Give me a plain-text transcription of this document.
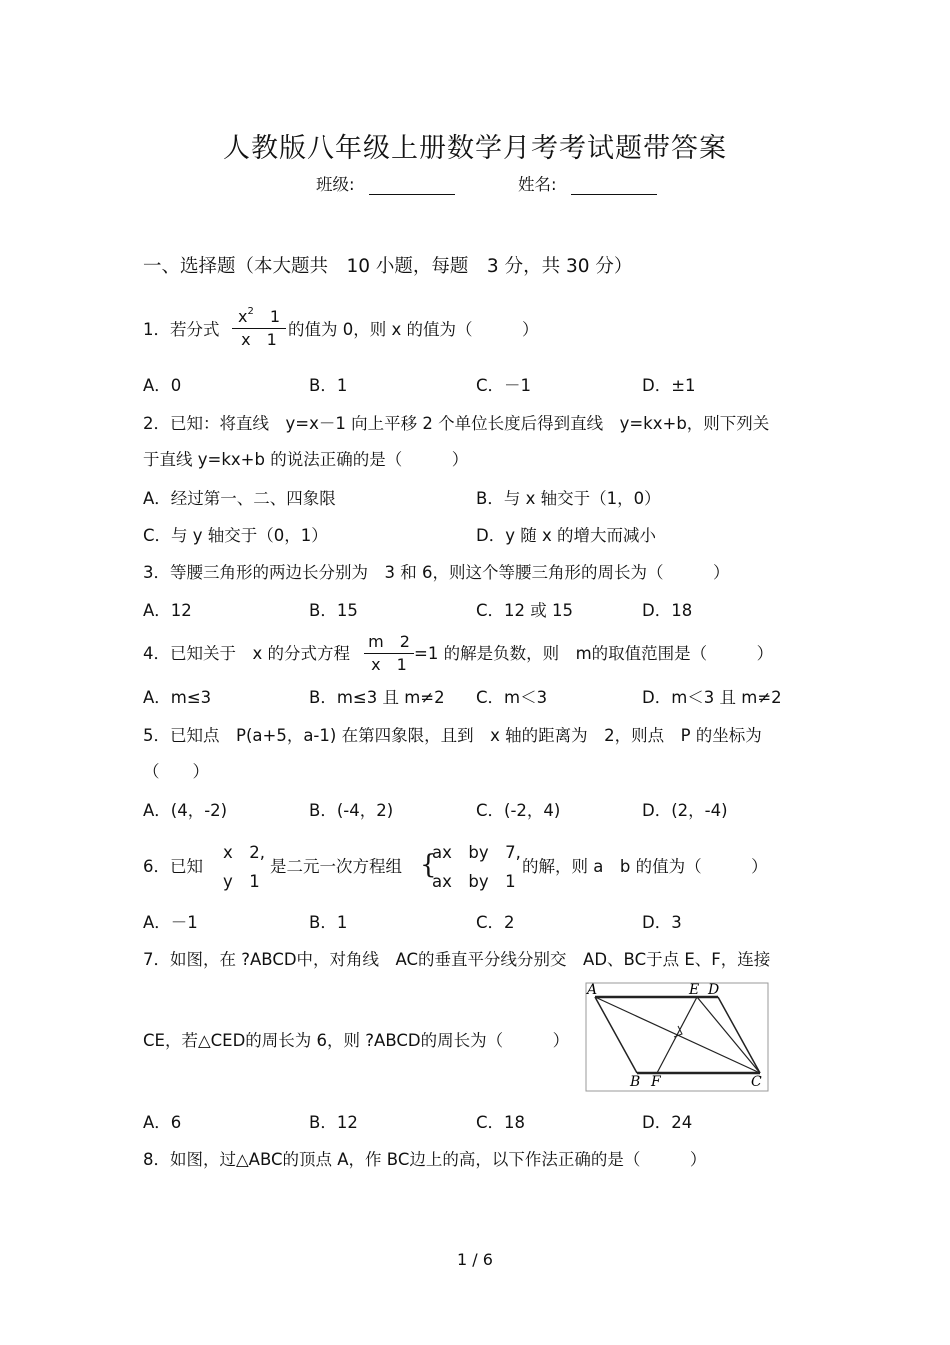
人教版八年级上册数学月考考试题带答案
班级:	姓名:
一、选择题（本大题共　10 小题，每题　3 分，共 30 分）
1．若分式
$x^2$　 1
x　 1
的值为 0，则 x 的值为（　　　）
A．0	B．1	C．－1	D．±1
2．已知：将直线　y=x－1 向上平移 2 个单位长度后得到直线　y=kx+b，则下列关
于直线 y=kx+b 的说法正确的是（　　　）
A．经过第一、二、四象限	B．与 x 轴交于（1，0）
C．与 y 轴交于（0，1）	D．y 随 x 的增大而减小
3．等腰三角形的两边长分别为　3 和 6，则这个等腰三角形的周长为（　　　）
A．12	B．15	C．12 或 15	D．18
4．已知关于　x 的分式方程
m　2
x　1
=1 的解是负数，则　m的取值范围是（　　　）
A．m≤3	B．m≤3 且 m≠2 C．m＜3	D．m＜3 且 m≠2
5．已知点　P(a+5，a-1) 在第四象限，且到　x 轴的距离为　2，则点　P 的坐标为
（　　）
A．(4，-2)	B．(-4，2)	C．(-2，4)	D．(2，-4)
6．已知
x　2,
y　1
是二元一次方程组 {
ax　by　7,
ax　by　1
的解，则 a　b 的值为（　　　）
A．－1	B．1	C．2	D．3
7．如图，在 ?ABCD中，对角线　AC的垂直平分线分别交　AD、BC于点 E、F，连接
CE，若△CED的周长为 6，则 ?ABCD的周长为（　　　）
A	E D
B F	C
A．6	B．12	C．18	D．24
8．如图，过△ABC的顶点 A，作 BC边上的高，以下作法正确的是（　　　）
1 / 6
